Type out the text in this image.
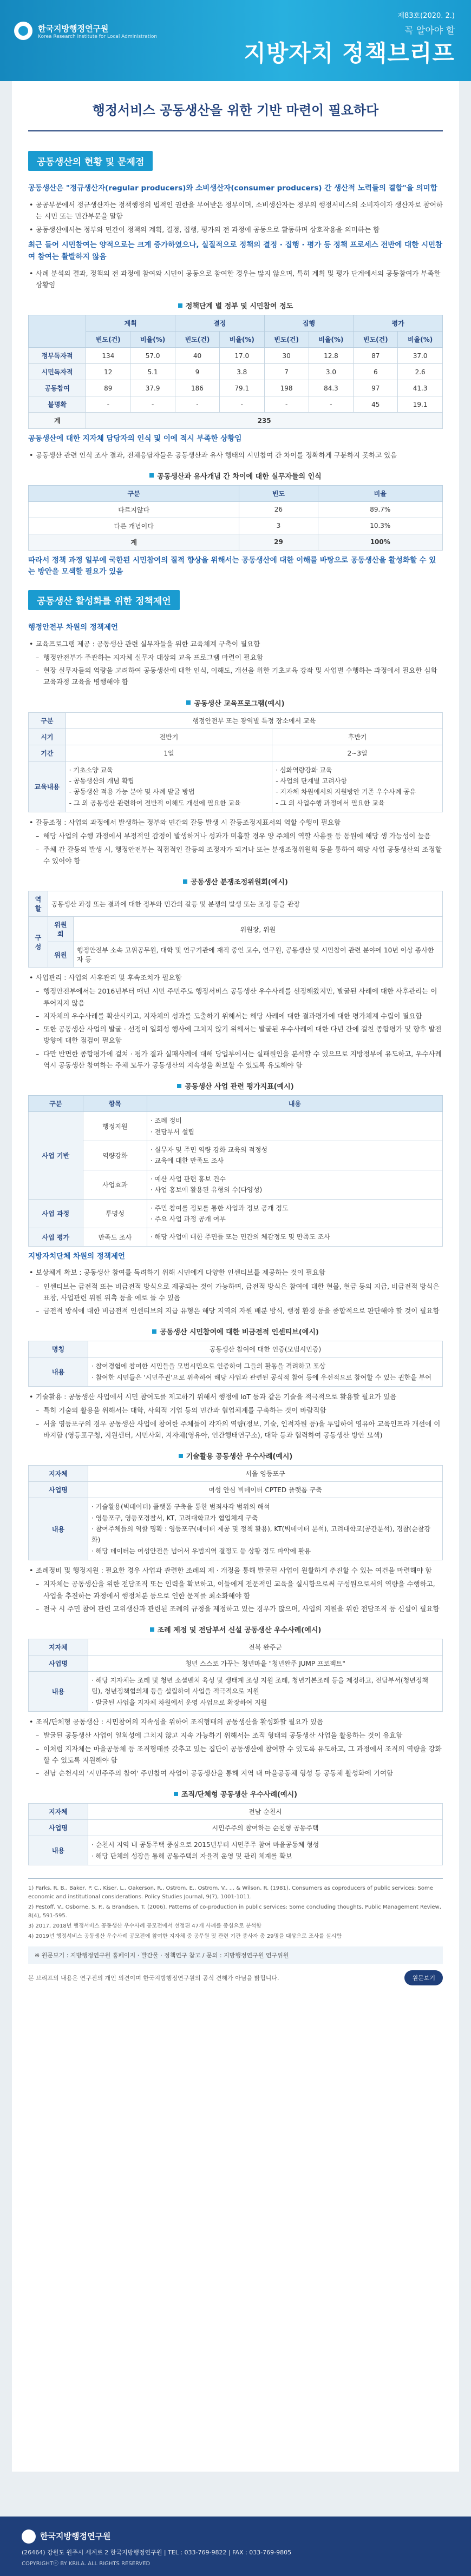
한국지방행정연구원
Korea Research Institute for Local Administration
제83호(2020. 2.)
꼭 알아야 할
지방자치 정책브리프
행정서비스 공동생산을 위한 기반 마련이 필요하다
공동생산의 현황 및 문제점

공동생산은 "정규생산자(regular producers)와 소비생산자(consumer producers) 간 생산적 노력들의 결합"을 의미함

• 공공부문에서 정규생산자는 정책행정의 법적인 권한을 부여받은 정부이며, 소비생산자는 정부의 행정서비스의 소비자이자 생산자로 참여하는 시민 또는 민간부문을 말함

• 공동생산에서는 정부와 민간이 정책의 계획, 결정, 집행, 평가의 전 과정에 공동으로 활동하며 상호작용을 의미하는 함

최근 들어 시민참여는 양적으로는 크게 증가하였으나, 실질적으로 정책의 결정 · 집행 · 평가 등 정책 프로세스 전반에 대한 시민참여 참여는 활발하지 않음

• 사례 분석의 결과, 정책의 전 과정에 참여와 시민이 공동으로 참여한 경우는 많지 않으며, 특히 계획 및 평가 단계에서의 공동참여가 부족한 상황임

정책단계 별 정부 및 시민참여 정도
	계획		결정		집행		평가	
	빈도(건)	비율(%)	빈도(건)	비율(%)	빈도(건)	비율(%)	빈도(건)	비율(%)
정부독자적	134	57.0	40	17.0	30	12.8	87	37.0
시민독자적	12	5.1	9	3.8	7	3.0	6	2.6
공동참여	89	37.9	186	79.1	198	84.3	97	41.3
불명확	-	-	-	-	-	-	45	19.1
계	235							

공동생산에 대한 지자체 담당자의 인식 및 이에 적시 부족한 상황임

• 공동생산 관련 인식 조사 결과, 전체응답자들은 공동생산과 유사 행태의 시민참여 간 차이를 정확하게 구분하지 못하고 있음

공동생산과 유사개념 간 차이에 대한 실무자들의 인식
구분	빈도	비율
다르지않다	26	89.7%
다른 개념이다	3	10.3%
계	29	100%

따라서 정책 과정 일부에 국한된 시민참여의 질적 향상을 위해서는 공동생산에 대한 이해를 바탕으로 공동생산을 활성화할 수 있는 방안을 모색할 필요가 있음

공동생산 활성화를 위한 정책제언

행정안전부 차원의 정책제언

• 교육프로그램 제공 : 공동생산 관련 실무자들을 위한 교육체계 구축이 필요함

– 행정안전부가 주관하는 지자체 실무자 대상의 교육 프로그램 마련이 필요함

– 현장 실무자들의 역량을 고려하여 공동생산에 대한 인식, 이해도, 개선을 위한 기초교육 강좌 및 사업별 수행하는 과정에서 필요한 심화교육과정 교육을 병행해야 함

공동생산 교육프로그램(예시)
구분	행정안전부 또는 광역별 특정 장소에서 교육	
시기	전반기	후반기
기간	1일	2~3일
교육내용	· 기초소양 교육
- 공동생산의 개념 확립
- 공동생산 적용 가능 분야 및 사례 발굴 방법
- 그 외 공동생산 관련하여 전반적 이해도 개선에 필요한 교육	· 심화역량강화 교육
- 사업의 단계별 고려사항
- 지자체 차원에서의 지원방안 기존 우수사례 공유
- 그 외 사업수행 과정에서 필요한 교육

• 갈등조정 : 사업의 과정에서 발생하는 정부와 민간의 갈등 발생 시 갈등조정지표서의 역할 수행이 필요함

– 해당 사업의 수행 과정에서 부정적인 감정이 발생하거나 성과가 미흡할 경우 양 주체의 역할 사용률 등 동원에 해당 생 가능성이 높음

– 주체 간 갈등의 발생 시, 행정안전부는 직접적인 갈등의 조정자가 되거나 또는 분쟁조정위원회 등을 통하여 해당 사업 공동생산의 조정할 수 있어야 함

공동생산 분쟁조정위원회(예시)
역할	공동생산 과정 또는 결과에 대한 정부와 민간의 갈등 및 분쟁의 발생 또는 조정 등을 관장	
구성	위원회	위원장, 위원
	위원	행정안전부 소속 고위공무원, 대학 및 연구기관에 재직 중인 교수, 연구원, 공동생산 및 시민참여 관련 분야에 10년 이상 종사한 자 등

• 사업관리 : 사업의 사후관리 및 후속조치가 필요함

– 행정안전부에서는 2016년부터 매년 시민 주민주도 행정서비스 공동생산 우수사례를 선정해왔지만, 발굴된 사례에 대한 사후관리는 이루어지지 않음

– 지자체의 우수사례를 확산시키고, 지자체의 성과를 도출하기 위해서는 해당 사례에 대한 결과평가에 대한 평가체계 수립이 필요함

– 또한 공동생산 사업의 발굴 · 선정이 일회성 행사에 그치지 않기 위해서는 발굴된 우수사례에 대한 다년 간에 걸친 종합평가 및 향후 발전방향에 대한 점검이 필요함

– 다만 반면한 종합평가에 걸쳐 · 평가 결과 실패사례에 대해 당업부에서는 실패원인을 분석할 수 있으므로 지방정부에 유도하고, 우수사례 역시 공동생산 참여하는 주체 모두가 공동생산의 지속성을 확보할 수 있도록 유도해야 함

공동생산 사업 관련 평가지표(예시)
구분	항목	내용
사업 기반	행정지원	· 조례 정비
· 전담부서 설립
	역량강화	· 실무자 및 주민 역량 강화 교육의 적정성
· 교육에 대한 만족도 조사
	사업효과	· 예산 사업 관련 홍보 건수
· 사업 홍보에 활용된 유형의 수(다양성)
사업 과정	투명성	· 주민 참여를 정보를 통한 사업과 정보 공개 정도
· 주요 사업 과정 공개 여부
사업 평가	만족도 조사	· 해당 사업에 대한 주민들 또는 민간의 체감정도 및 만족도 조사

지방자치단체 차원의 정책제언

• 보상체계 확보 : 공동생산 참여를 독려하기 위해 시민에게 다양한 인센티브를 제공하는 것이 필요함

– 인센티브는 금전적 또는 비금전적 방식으로 제공되는 것이 가능하며, 금전적 방식은 참여에 대한 현물, 현금 등의 지급, 비금전적 방식은 표창, 사업관련 위원 위촉 등을 예로 들 수 있음

– 금전적 방식에 대한 비금전적 인센티브의 지급 유형은 해당 지역의 자원 배분 방식, 행정 환경 등을 종합적으로 판단해야 할 것이 필요함

공동생산 시민참여에 대한 비금전적 인센티브(예시)
명칭	공동생산 참여에 대한 인증(모범시민증)
내용	· 참여경험에 참여한 시민들을 모범시민으로 인증하여 그들의 활동을 격려하고 포상
· 참여한 시민들은 '시민주권'으로 위촉하여 해당 사업과 관련된 공식적 참여 등에 우선적으로 참여할 수 있는 권한을 부여

• 기술활용 : 공동생산 사업에서 시민 참여도를 제고하기 위해서 행정에 IoT 등과 같은 기술을 적극적으로 활용할 필요가 있음

– 특히 기술의 활용을 위해서는 대학, 사회적 기업 등의 민간과 협업체계를 구축하는 것이 바람직함

– 서울 영등포구의 경우 공동생산 사업에 참여한 주체들이 각자의 역량(정보, 기술, 인적자원 등)을 투입하여 영유아 교육인프라 개선에 이바지함 (영등포구청, 지원센터, 시민사회, 지자체(영유아, 인간행태연구소), 대학 등과 협력하여 공동생산 방안 모색)

기술활용 공동생산 우수사례(예시)
지자체	서울 영등포구
사업명	여성 안심 빅데이터 CPTED 플랫폼 구축
내용	· 기술활용(빅데이터) 플랫폼 구축을 통한 범죄사각 범위의 해석
· 영등포구, 영등포경찰서, KT, 고려대학교가 협업체계 구축
· 참여주체들의 역할 명확 : 영등포구(데이터 제공 및 정책 활용), KT(빅데이터 분석), 고려대학교(공간분석), 경찰(순찰강화)
· 해당 데이터는 여성안전을 넘어서 우범지역 결정도 등 상황 정도 파악에 활용

• 조례정비 및 행정지원 : 필요한 경우 사업과 관련한 조례의 제 · 개정을 통해 발굴된 사업이 원활하게 추진할 수 있는 여건을 마련해야 함

– 지자체는 공동생산을 위한 전담조직 또는 인력을 확보하고, 이들에게 전문적인 교육을 실시함으로써 구성원으로서의 역량을 수행하고, 사업을 추진하는 과정에서 행정처분 등으로 인한 문제를 최소화해야 함

– 전국 시 주민 참여 관련 고위생산과 관련된 조례의 규정을 제정하고 있는 경우가 많으며, 사업의 지원을 위한 전담조직 등 신설이 필요함

조례 제정 및 전담부서 신설 공동생산 우수사례(예시)
지자체	전북 완주군
사업명	청년 스스로 가꾸는 청년마을 "청년완주 JUMP 프로젝트"
내용	· 해당 지자체는 조례 및 청년 소셜벤처 육성 및 생태계 조성 지원 조례, 청년기본조례 등을 제정하고, 전담부서(청년정책팀), 청년정책협의체 등을 설립하여 사업을 적극적으로 지원
· 발굴된 사업을 지자체 차원에서 운영 사업으로 확장하여 지원

• 조직/단체형 공동생산 : 시민참여의 지속성을 위하여 조직형태의 공동생산을 활성화할 필요가 있음

– 발굴된 공동생산 사업이 일회성에 그치지 않고 지속 가능하기 위해서는 조직 형태의 공동생산 사업을 활용하는 것이 유효함

– 이처럼 지자체는 마을공동체 등 조직형태를 갖추고 있는 집단이 공동생산에 참여할 수 있도록 유도하고, 그 과정에서 조직의 역량을 강화할 수 있도록 지원해야 함

– 전남 순천시의 '시민주주의 참여' 주민참여 사업이 공동생산을 통해 지역 내 마을공동체 형성 등 공동체 활성화에 기여함

조직/단체형 공동생산 우수사례(예시)
지자체	전남 순천시
사업명	시민주주의 참여하는 순천형 공동주택
내용	· 순천시 지역 내 공동주택 중심으로 2015년부터 시민주주 참여 마을공동체 형성
· 해당 단체의 성장을 통해 공동주택의 자율적 운영 및 관리 체계를 확보

1) Parks, R. B., Baker, P. C., Kiser, L., Oakerson, R., Ostrom, E., Ostrom, V., ... & Wilson, R. (1981). Consumers as coproducers of public services: Some economic and institutional considerations. Policy Studies Journal, 9(7), 1001-1011.

2) Pestoff, V., Osborne, S. P., & Brandsen, T. (2006). Patterns of co-production in public services: Some concluding thoughts. Public Management Review, 8(4), 591-595.

3) 2017, 2018년 행정서비스 공동생산 우수사례 공모전에서 선정된 47개 사례를 중심으로 분석함

4) 2019년 행정서비스 공동생산 우수사례 공모전에 참여한 지자체 중 공무원 및 관련 기관 종사자 총 29명을 대상으로 조사를 실시함

※ 원문보기 : 지방행정연구원 홈페이지 · 발간물 · 정책연구 참고 / 문의 : 지방행정연구원 연구위원
본 브리프의 내용은 연구진의 개인 의견이며 한국지방행정연구원의 공식 견해가 아님을 밝힙니다.	원문보기
한국지방행정연구원
(26464) 강원도 원주시 세계로 2 한국지방행정연구원 | TEL : 033-769-9822 | FAX : 033-769-9805
COPYRIGHTⓒ BY KRILA. ALL RIGHTS RESERVED
